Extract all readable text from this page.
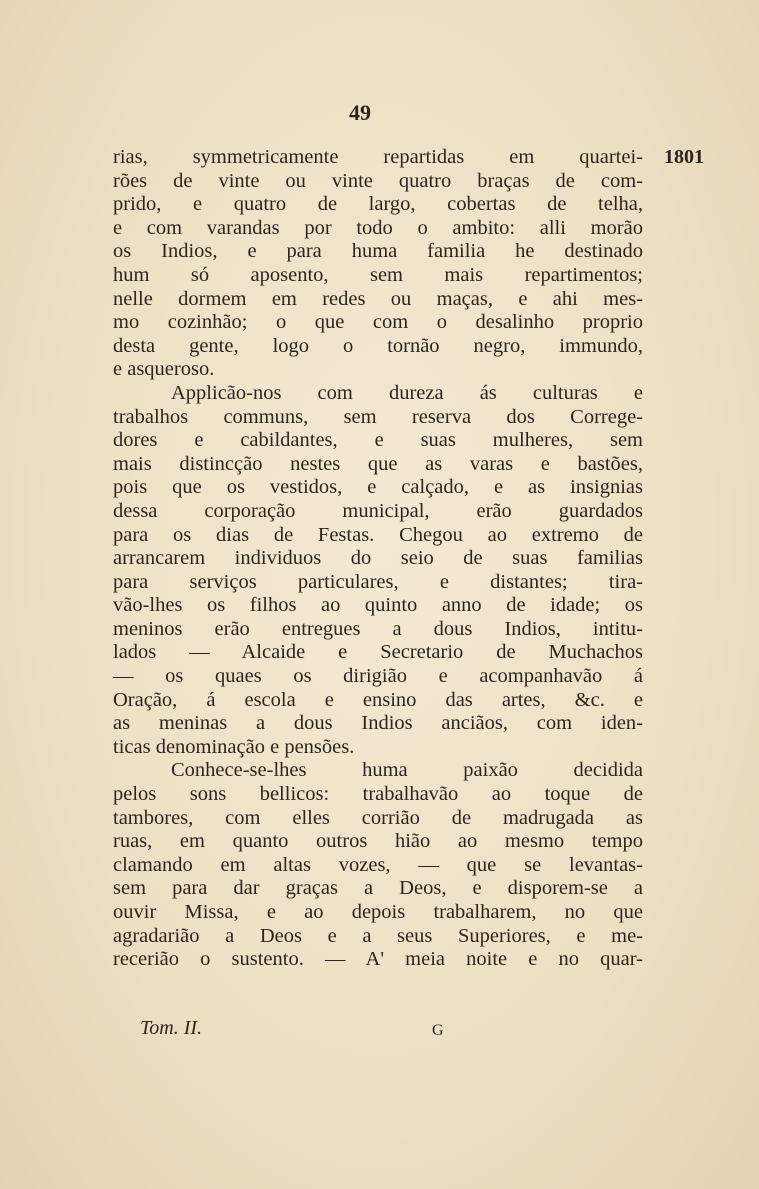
49
1801
rias, symmetricamente repartidas em quartei-
rões de vinte ou vinte quatro braças de com-
prido, e quatro de largo, cobertas de telha,
e com varandas por todo o ambito: alli morão
os Indios, e para huma familia he destinado
hum só aposento, sem mais repartimentos;
nelle dormem em redes ou maças, e ahi mes-
mo cozinhão; o que com o desalinho proprio
desta gente, logo o tornão negro, immundo,
e asqueroso.
Applicão-nos com dureza ás culturas e
trabalhos communs, sem reserva dos Correge-
dores e cabildantes, e suas mulheres, sem
mais distincção nestes que as varas e bastões,
pois que os vestidos, e calçado, e as insignias
dessa corporação municipal, erão guardados
para os dias de Festas. Chegou ao extremo de
arrancarem individuos do seio de suas familias
para serviços particulares, e distantes; tira-
vão-lhes os filhos ao quinto anno de idade; os
meninos erão entregues a dous Indios, intitu-
lados — Alcaide e Secretario de Muchachos
— os quaes os dirigião e acompanhavão á
Oração, á escola e ensino das artes, &c. e
as meninas a dous Indios anciãos, com iden-
ticas denominação e pensões.
Conhece-se-lhes huma paixão decidida
pelos sons bellicos: trabalhavão ao toque de
tambores, com elles corrião de madrugada as
ruas, em quanto outros hião ao mesmo tempo
clamando em altas vozes, — que se levantas-
sem para dar graças a Deos, e disporem-se a
ouvir Missa, e ao depois trabalharem, no que
agradarião a Deos e a seus Superiores, e me-
recerião o sustento. — A' meia noite e no quar-
Tom. II.	G
